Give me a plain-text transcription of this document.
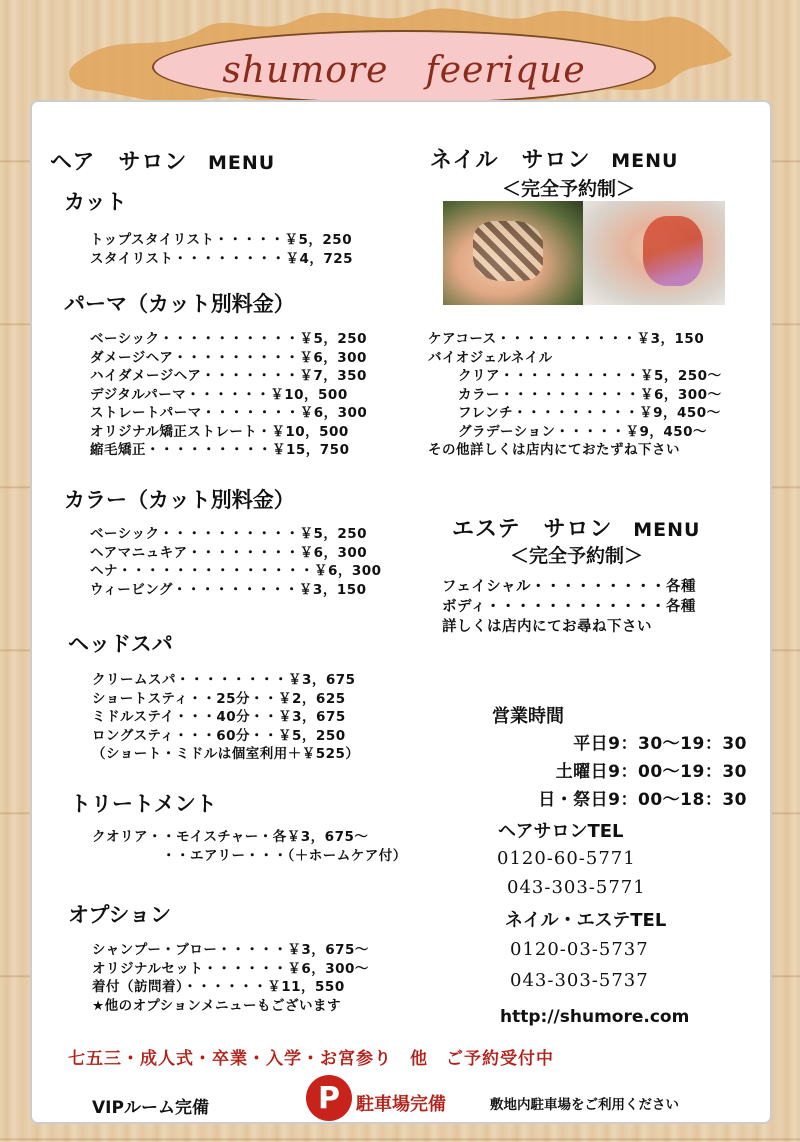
shumore　feerique
ヘア　サロン MENU
カット
トップスタイリスト・・・・・￥5，250
スタイリスト・・・・・・・・￥4，725
パーマ（カット別料金）
ベーシック・・・・・・・・・・￥5，250
ダメージヘア・・・・・・・・・￥6，300
ハイダメージヘア・・・・・・・￥7，350
デジタルパーマ・・・・・・￥10，500
ストレートパーマ・・・・・・・￥6，300
オリジナル矯正ストレート・￥10，500
縮毛矯正・・・・・・・・・￥15，750
カラー（カット別料金）
ベーシック・・・・・・・・・・￥5，250
ヘアマニュキア・・・・・・・・￥6，300
ヘナ・・・・・・・・・・・・・・￥6，300
ウィービング・・・・・・・・・￥3，150
ヘッドスパ
クリームスパ・・・・・・・・￥3，675
ショートスティ・・25分・・￥2，625
ミドルステイ・・・40分・・￥3，675
ロングスティ・・・60分・・￥5，250
（ショート・ミドルは個室利用＋￥525）
トリートメント
クオリア・・モイスチャー・各￥3，675～
・・エアリー・・・（＋ホームケア付）
オプション
シャンプー・ブロー・・・・・￥3，675～
オリジナルセット・・・・・・￥6，300～
着付（訪問着）・・・・・・￥11，550
★他のオプションメニューもございます
ネイル　サロン MENU
＜完全予約制＞
ケアコース・・・・・・・・・・￥3，150
バイオジェルネイル
クリア・・・・・・・・・・￥5，250～
カラー・・・・・・・・・・￥6，300～
フレンチ・・・・・・・・・￥9，450～
グラデーション・・・・・￥9，450～
その他詳しくは店内にておたずね下さい
エステ　サロン MENU
＜完全予約制＞
フェイシャル・・・・・・・・・各種
ボディ・・・・・・・・・・・・各種
詳しくは店内にてお尋ね下さい
営業時間
平日9：30～19：30
土曜日9：00～19：30
日・祭日9：00～18：30
ヘアサロンTEL
0120-60-5771
043-303-5771
ネイル・エステTEL
0120-03-5737
043-303-5737
http://shumore.com
七五三・成人式・卒業・入学・お宮参り　他　ご予約受付中
VIPルーム完備	P 駐車場完備	敷地内駐車場をご利用ください
